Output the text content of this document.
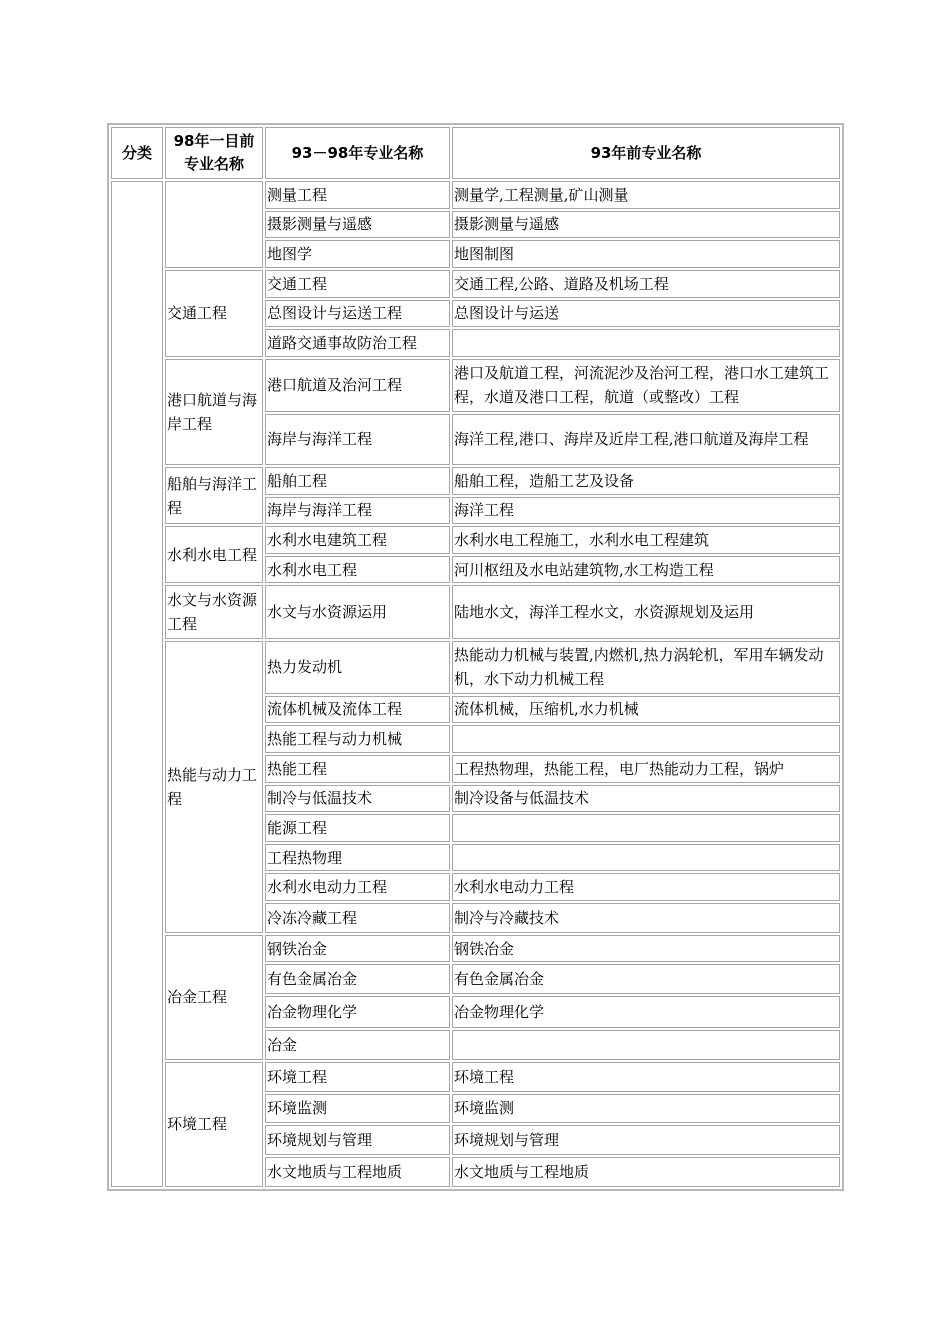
分类	98年一目前专业名称	93－98年专业名称	93年前专业名称
		测量工程	测量学,工程测量,矿山测量
		摄影测量与遥感	摄影测量与遥感
		地图学	地图制图
	交通工程	交通工程	交通工程,公路、道路及机场工程
		总图设计与运送工程	总图设计与运送
		道路交通事故防治工程	
	港口航道与海岸工程	港口航道及治河工程	港口及航道工程，河流泥沙及治河工程，港口水工建筑工程，水道及港口工程，航道（或整改）工程
		海岸与海洋工程	海洋工程,港口、海岸及近岸工程,港口航道及海岸工程
	船舶与海洋工程	船舶工程	船舶工程，造船工艺及设备
		海岸与海洋工程	海洋工程
	水利水电工程	水利水电建筑工程	水利水电工程施工，水利水电工程建筑
		水利水电工程	河川枢纽及水电站建筑物,水工构造工程
	水文与水资源工程	水文与水资源运用	陆地水文，海洋工程水文，水资源规划及运用
	热能与动力工程	热力发动机	热能动力机械与装置,内燃机,热力涡轮机，军用车辆发动机，水下动力机械工程
		流体机械及流体工程	流体机械，压缩机,水力机械
		热能工程与动力机械	
		热能工程	工程热物理，热能工程，电厂热能动力工程，锅炉
		制冷与低温技术	制冷设备与低温技术
		能源工程	
		工程热物理	
		水利水电动力工程	水利水电动力工程
		冷冻冷藏工程	制冷与冷藏技术
	冶金工程	钢铁冶金	钢铁冶金
		有色金属冶金	有色金属冶金
		冶金物理化学	冶金物理化学
		冶金	
	环境工程	环境工程	环境工程
		环境监测	环境监测
		环境规划与管理	环境规划与管理
		水文地质与工程地质	水文地质与工程地质
